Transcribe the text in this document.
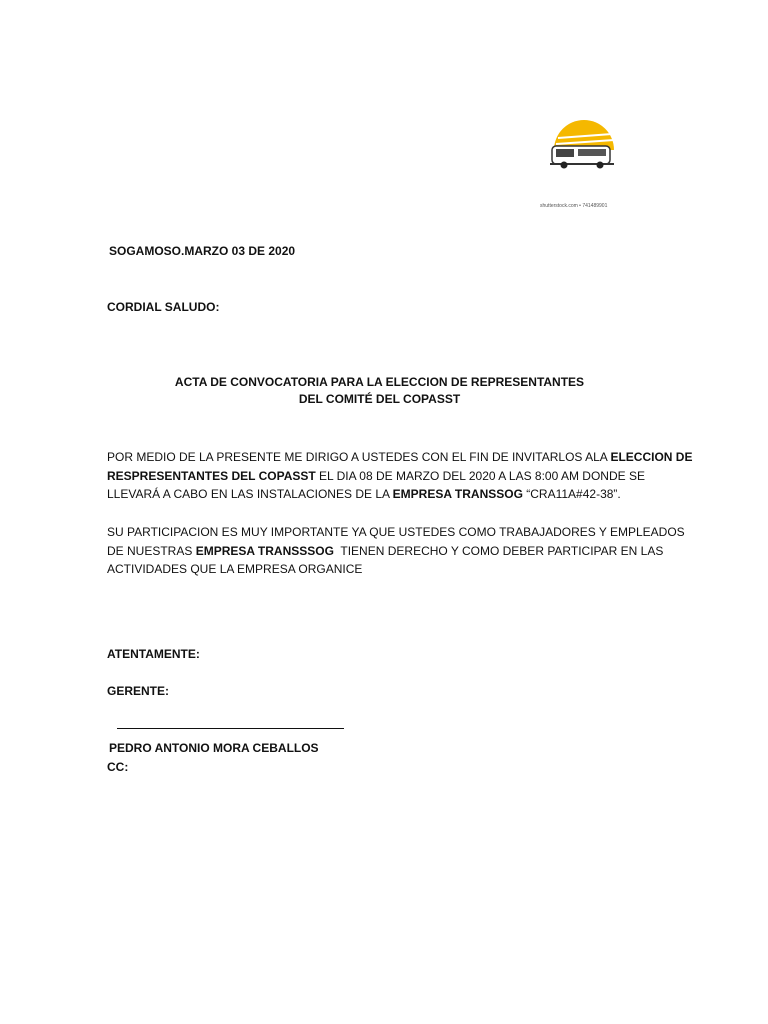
shutterstock.com • 741489901
SOGAMOSO.MARZO 03 DE 2020
CORDIAL SALUDO:
ACTA DE CONVOCATORIA PARA LA ELECCION DE REPRESENTANTES
DEL COMITÉ DEL COPASST
POR MEDIO DE LA PRESENTE ME DIRIGO A USTEDES CON EL FIN DE INVITARLOS ALA ELECCION DE
RESPRESENTANTES DEL COPASST EL DIA 08 DE MARZO DEL 2020 A LAS 8:00 AM DONDE SE
LLEVARÁ A CABO EN LAS INSTALACIONES DE LA EMPRESA TRANSSOG “CRA11A#42-38”.
SU PARTICIPACION ES MUY IMPORTANTE YA QUE USTEDES COMO TRABAJADORES Y EMPLEADOS
DE NUESTRAS EMPRESA TRANSSSOG  TIENEN DERECHO Y COMO DEBER PARTICIPAR EN LAS
ACTIVIDADES QUE LA EMPRESA ORGANICE
ATENTAMENTE:
GERENTE:
PEDRO ANTONIO MORA CEBALLOS
CC:
